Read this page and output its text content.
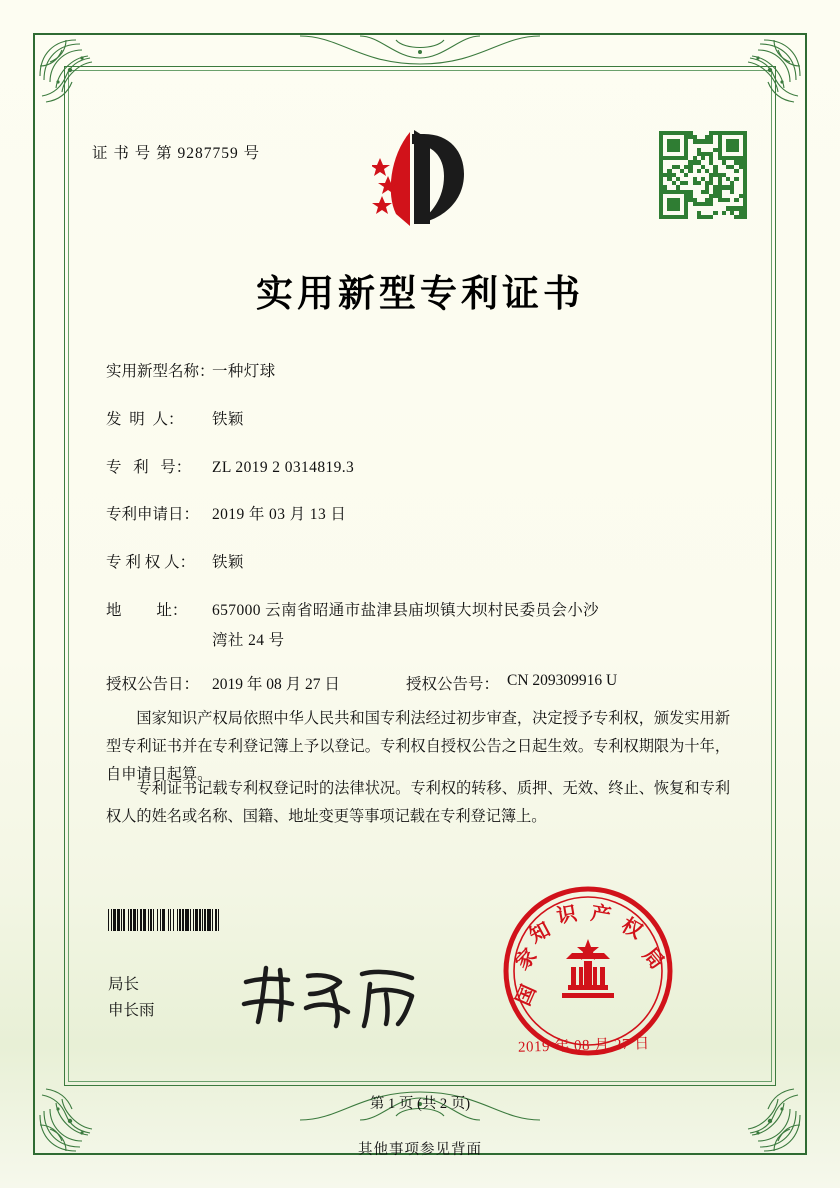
证 书 号 第 9287759 号
实用新型专利证书
实用新型名称：
一种灯球
发  明  人：	铁颖
专   利   号：	ZL 2019 2 0314819.3
专利申请日： 2019 年 03 月 13 日
专 利 权 人：	铁颖
地         址：	657000 云南省昭通市盐津县庙坝镇大坝村民委员会小沙
湾社 24 号
授权公告日： 2019 年 08 月 27 日	授权公告号： CN 209309916 U
国家知识产权局依照中华人民共和国专利法经过初步审查，决定授予专利权，颁发实用新型专利证书并在专利登记簿上予以登记。专利权自授权公告之日起生效。专利权期限为十年，自申请日起算。
专利证书记载专利权登记时的法律状况。专利权的转移、质押、无效、终止、恢复和专利权人的姓名或名称、国籍、地址变更等事项记载在专利登记簿上。
局长
申长雨
国
家
知
识 产 权
局
2019 年 08 月 27 日
第 1 页 (共 2 页)
其他事项参见背面
